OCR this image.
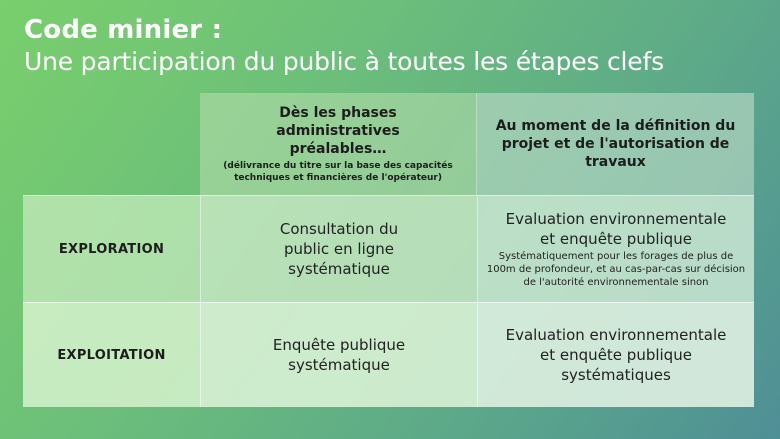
Code minier :
Une participation du public à toutes les étapes clefs
Dès les phases administratives préalables…
(délivrance du titre sur la base des capacités techniques et financières de l'opérateur)
Au moment de la définition du projet et de l'autorisation de travaux
EXPLORATION
Consultation du public en ligne systématique
Evaluation environnementale et enquête publique
Systématiquement pour les forages de plus de 100m de profondeur, et au cas-par-cas sur décision de l'autorité environnementale sinon
EXPLOITATION
Enquête publique systématique
Evaluation environnementale et enquête publique systématiques
